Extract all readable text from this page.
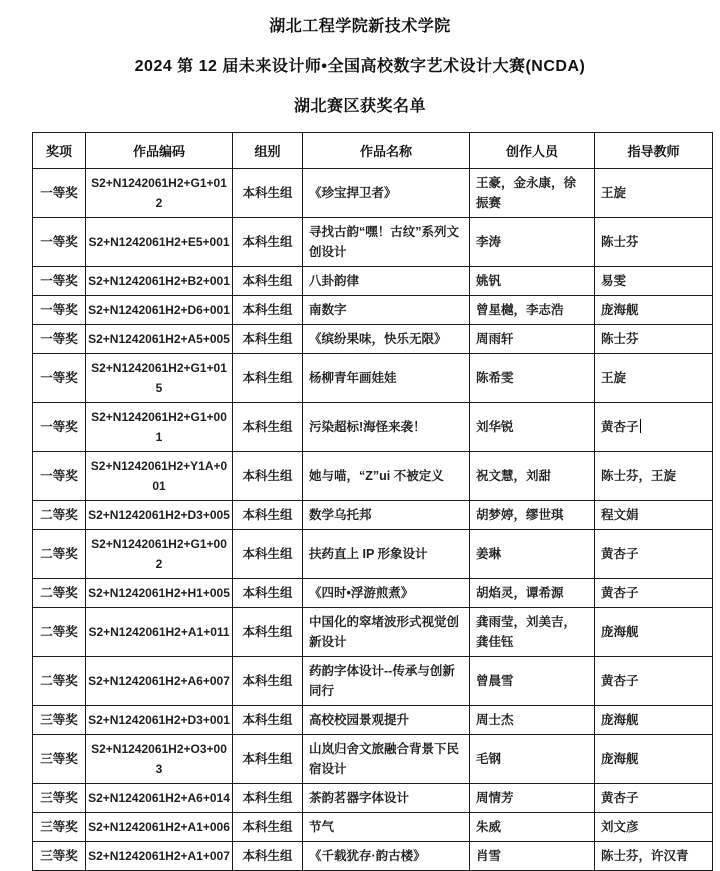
湖北工程学院新技术学院
2024 第 12 届未来设计师•全国高校数字艺术设计大赛(NCDA)
湖北赛区获奖名单
奖项	作品编码	组别	作品名称	创作人员	指导教师
一等奖	S2+N1242061H2+G1+012	本科生组	《珍宝捍卫者》	王豪，金永康，徐振赛	王旋
一等奖	S2+N1242061H2+E5+001	本科生组	寻找古韵“嘿！古纹”系列文创设计	李涛	陈士芬
一等奖	S2+N1242061H2+B2+001	本科生组	八卦韵律	姚钒	易雯
一等奖	S2+N1242061H2+D6+001	本科生组	南数字	曾星樾，李志浩	庞海舰
一等奖	S2+N1242061H2+A5+005	本科生组	《缤纷果味，快乐无限》	周雨轩	陈士芬
一等奖	S2+N1242061H2+G1+015	本科生组	杨柳青年画娃娃	陈希雯	王旋
一等奖	S2+N1242061H2+G1+001	本科生组	污染超标!海怪来袭！	刘华锐	黄杏子
一等奖	S2+N1242061H2+Y1A+001	本科生组	她与喵，“Z”ui 不被定义	祝文慧，刘甜	陈士芬，王旋
二等奖	S2+N1242061H2+D3+005	本科生组	数学乌托邦	胡梦婷，缪世琪	程文娟
二等奖	S2+N1242061H2+G1+002	本科生组	扶药直上 IP 形象设计	姜琳	黄杏子
二等奖	S2+N1242061H2+H1+005	本科生组	《四时•浮游煎煮》	胡焰灵，谭希源	黄杏子
二等奖	S2+N1242061H2+A1+011	本科生组	中国化的窣堵波形式视觉创新设计	龚雨莹，刘美吉，龚佳钰	庞海舰
二等奖	S2+N1242061H2+A6+007	本科生组	药韵字体设计--传承与创新同行	曾晨雪	黄杏子
三等奖	S2+N1242061H2+D3+001	本科生组	高校校园景观提升	周士杰	庞海舰
三等奖	S2+N1242061H2+O3+003	本科生组	山岚归舍文旅融合背景下民宿设计	毛钢	庞海舰
三等奖	S2+N1242061H2+A6+014	本科生组	茶韵茗器字体设计	周情芳	黄杏子
三等奖	S2+N1242061H2+A1+006	本科生组	节气	朱威	刘文彦
三等奖	S2+N1242061H2+A1+007	本科生组	《千载犹存·韵古楼》	肖雪	陈士芬，许汉青
